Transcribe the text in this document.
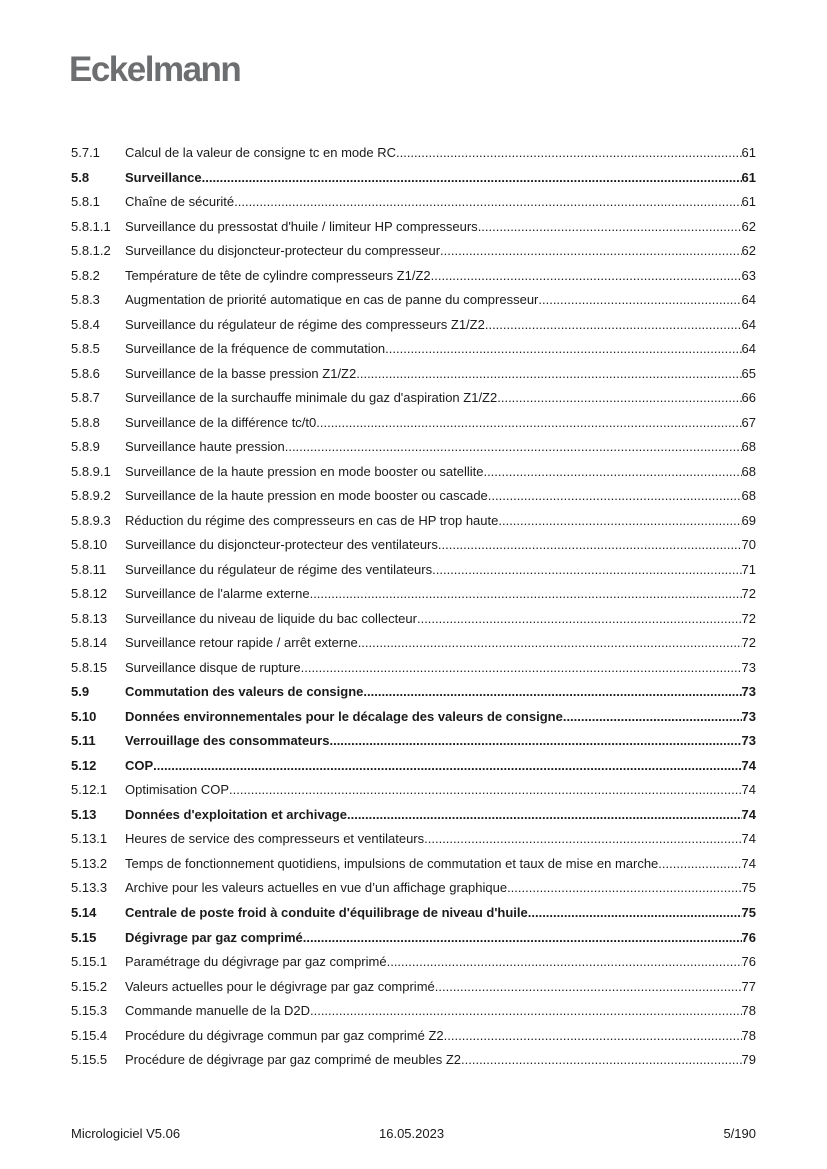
Eckelmann
5.7.1	Calcul de la valeur de consigne tc en mode RC .....	61
5.8	Surveillance .....	61
5.8.1	Chaîne de sécurité .....	61
5.8.1.1	Surveillance du pressostat d'huile / limiteur HP compresseurs .....	62
5.8.1.2	Surveillance du disjoncteur-protecteur du compresseur .....	62
5.8.2	Température de tête de cylindre compresseurs Z1/Z2 .....	63
5.8.3	Augmentation de priorité automatique en cas de panne du compresseur .....	64
5.8.4	Surveillance du régulateur de régime des compresseurs Z1/Z2 .....	64
5.8.5	Surveillance de la fréquence de commutation .....	64
5.8.6	Surveillance de la basse pression Z1/Z2 .....	65
5.8.7	Surveillance de la surchauffe minimale du gaz d'aspiration Z1/Z2 .....	66
5.8.8	Surveillance de la différence tc/t0 .....	67
5.8.9	Surveillance haute pression .....	68
5.8.9.1	Surveillance de la haute pression en mode booster ou satellite .....	68
5.8.9.2	Surveillance de la haute pression en mode booster ou cascade .....	68
5.8.9.3	Réduction du régime des compresseurs en cas de HP trop haute .....	69
5.8.10	Surveillance du disjoncteur-protecteur des ventilateurs .....	70
5.8.11	Surveillance du régulateur de régime des ventilateurs .....	71
5.8.12	Surveillance de l'alarme externe .....	72
5.8.13	Surveillance du niveau de liquide du bac collecteur .....	72
5.8.14	Surveillance retour rapide / arrêt externe .....	72
5.8.15	Surveillance disque de rupture .....	73
5.9	Commutation des valeurs de consigne .....	73
5.10	Données environnementales pour le décalage des valeurs de consigne .....	73
5.11	Verrouillage des consommateurs .....	73
5.12	COP .....	74
5.12.1	Optimisation COP .....	74
5.13	Données d'exploitation et archivage .....	74
5.13.1	Heures de service des compresseurs et ventilateurs .....	74
5.13.2	Temps de fonctionnement quotidiens, impulsions de commutation et taux de mise en marche .....	74
5.13.3	Archive pour les valeurs actuelles en vue d’un affichage graphique .....	75
5.14	Centrale de poste froid à conduite d'équilibrage de niveau d'huile .....	75
5.15	Dégivrage par gaz comprimé .....	76
5.15.1	Paramétrage du dégivrage par gaz comprimé .....	76
5.15.2	Valeurs actuelles pour le dégivrage par gaz comprimé .....	77
5.15.3	Commande manuelle de la D2D .....	78
5.15.4	Procédure du dégivrage commun par gaz comprimé Z2 .....	78
5.15.5	Procédure de dégivrage par gaz comprimé de meubles Z2 .....	79
Micrologiciel V5.06	16.05.2023	5/190
